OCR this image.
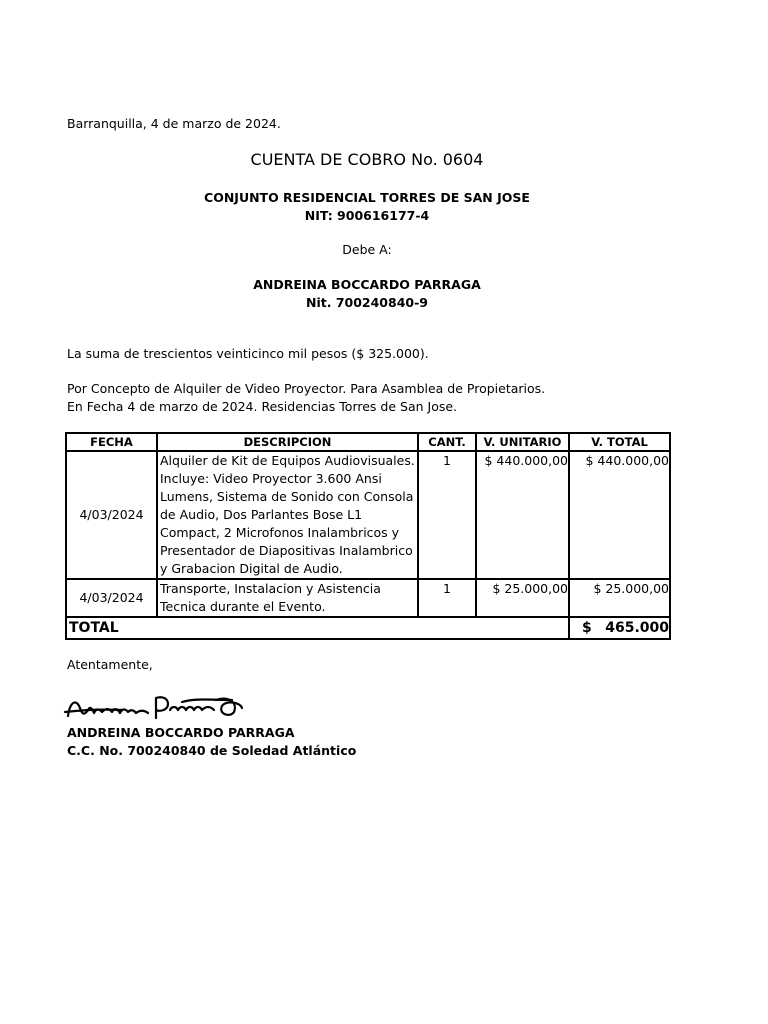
Barranquilla, 4 de marzo de 2024.
CUENTA DE COBRO No. 0604
CONJUNTO RESIDENCIAL TORRES DE SAN JOSE
NIT: 900616177-4
Debe A:
ANDREINA BOCCARDO PARRAGA
Nit. 700240840-9
La suma de trescientos veinticinco mil pesos ($ 325.000).
Por Concepto de Alquiler de Video Proyector. Para Asamblea de Propietarios.
En Fecha 4 de marzo de 2024. Residencias Torres de San Jose.
FECHA	DESCRIPCION	CANT.	V. UNITARIO	V. TOTAL
4/03/2024	Alquiler de Kit de Equipos Audiovisuales. Incluye: Video Proyector 3.600 Ansi Lumens, Sistema de Sonido con Consola de Audio, Dos Parlantes Bose L1 Compact, 2 Microfonos Inalambricos y Presentador de Diapositivas Inalambrico y Grabacion Digital de Audio.	1	$ 440.000,00	$ 440.000,00
4/03/2024	Transporte, Instalacion y Asistencia Tecnica durante el Evento.	1	$ 25.000,00	$ 25.000,00
TOTAL				$ 465.000
Atentamente,
ANDREINA BOCCARDO PARRAGA
C.C. No. 700240840 de Soledad Atlántico
